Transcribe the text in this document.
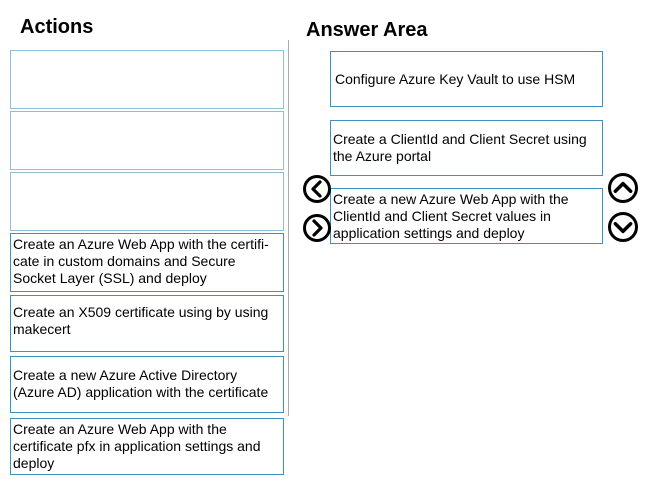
Actions	Answer Area
Create an Azure Web App with the certifi-
cate in custom domains and Secure
Socket Layer (SSL) and deploy
Create an X509 certificate using by using
makecert
Create a new Azure Active Directory
(Azure AD) application with the certificate
Create an Azure Web App with the
certificate pfx in application settings and
deploy
Configure Azure Key Vault to use HSM
Create a ClientId and Client Secret using
the Azure portal
Create a new Azure Web App with the
ClientId and Client Secret values in
application settings and deploy
